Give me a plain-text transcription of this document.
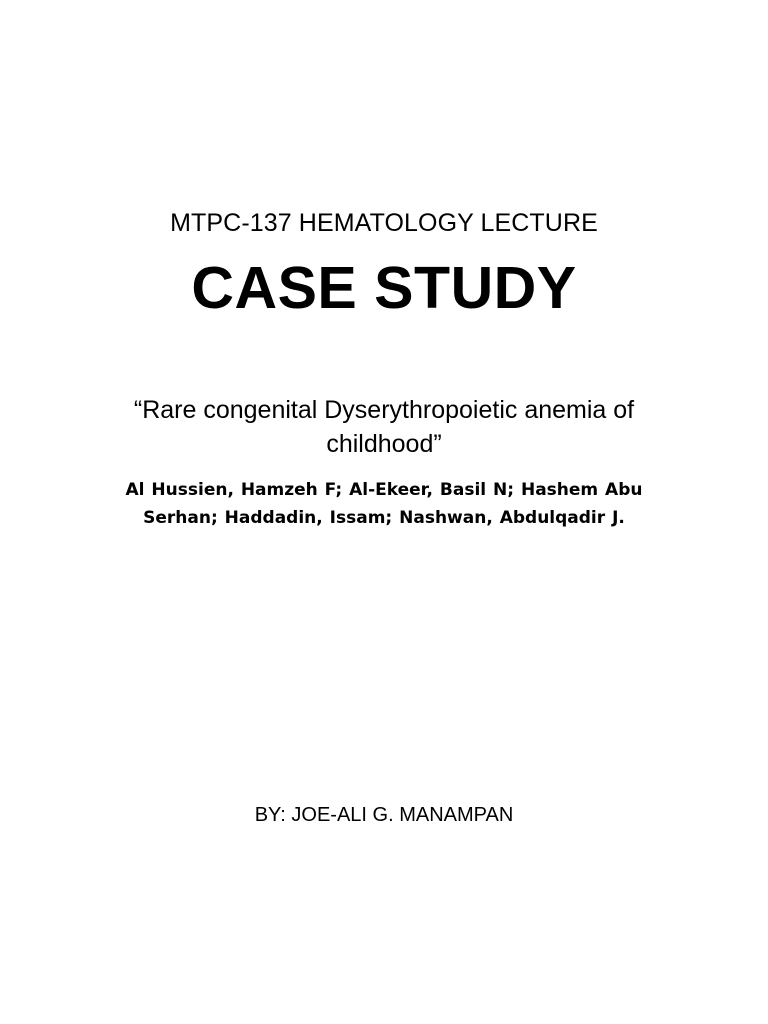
MTPC-137 HEMATOLOGY LECTURE
CASE STUDY
“Rare congenital Dyserythropoietic anemia of childhood”
Al Hussien, Hamzeh F; Al-Ekeer, Basil N; Hashem Abu Serhan; Haddadin, Issam; Nashwan, Abdulqadir J.
BY: JOE-ALI G. MANAMPAN
